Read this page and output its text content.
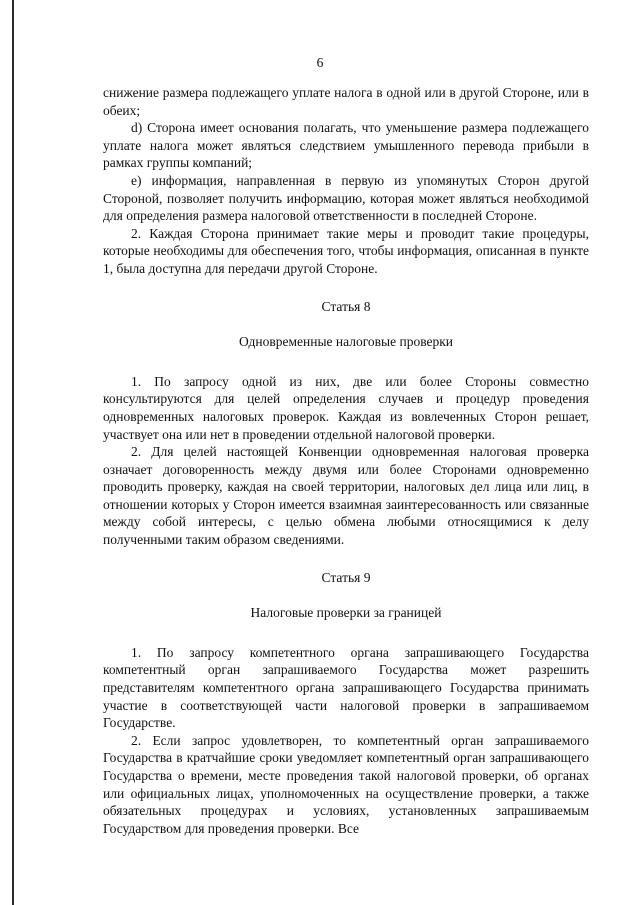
6

снижение размера подлежащего уплате налога в одной или в другой Стороне, или в обеих;

d) Сторона имеет основания полагать, что уменьшение размера подлежащего уплате налога может являться следствием умышленного перевода прибыли в рамках группы компаний;

e) информация, направленная в первую из упомянутых Сторон другой Стороной, позволяет получить информацию, которая может являться необходимой для определения размера налоговой ответственности в последней Стороне.

2. Каждая Сторона принимает такие меры и проводит такие процедуры, которые необходимы для обеспечения того, чтобы информация, описанная в пункте 1, была доступна для передачи другой Стороне.

Статья 8
Одновременные налоговые проверки

1. По запросу одной из них, две или более Стороны совместно консультируются для целей определения случаев и процедур проведения одновременных налоговых проверок. Каждая из вовлеченных Сторон решает, участвует она или нет в проведении отдельной налоговой проверки.

2. Для целей настоящей Конвенции одновременная налоговая проверка означает договоренность между двумя или более Сторонами одновременно проводить проверку, каждая на своей территории, налоговых дел лица или лиц, в отношении которых у Сторон имеется взаимная заинтересованность или связанные между собой интересы, с целью обмена любыми относящимися к делу полученными таким образом сведениями.

Статья 9
Налоговые проверки за границей

1. По запросу компетентного органа запрашивающего Государства компетентный орган запрашиваемого Государства может разрешить представителям компетентного органа запрашивающего Государства принимать участие в соответствующей части налоговой проверки в запрашиваемом Государстве.

2. Если запрос удовлетворен, то компетентный орган запрашиваемого Государства в кратчайшие сроки уведомляет компетентный орган запрашивающего Государства о времени, месте проведения такой налоговой проверки, об органах или официальных лицах, уполномоченных на осуществление проверки, а также обязательных процедурах и условиях, установленных запрашиваемым Государством для проведения проверки. Все
